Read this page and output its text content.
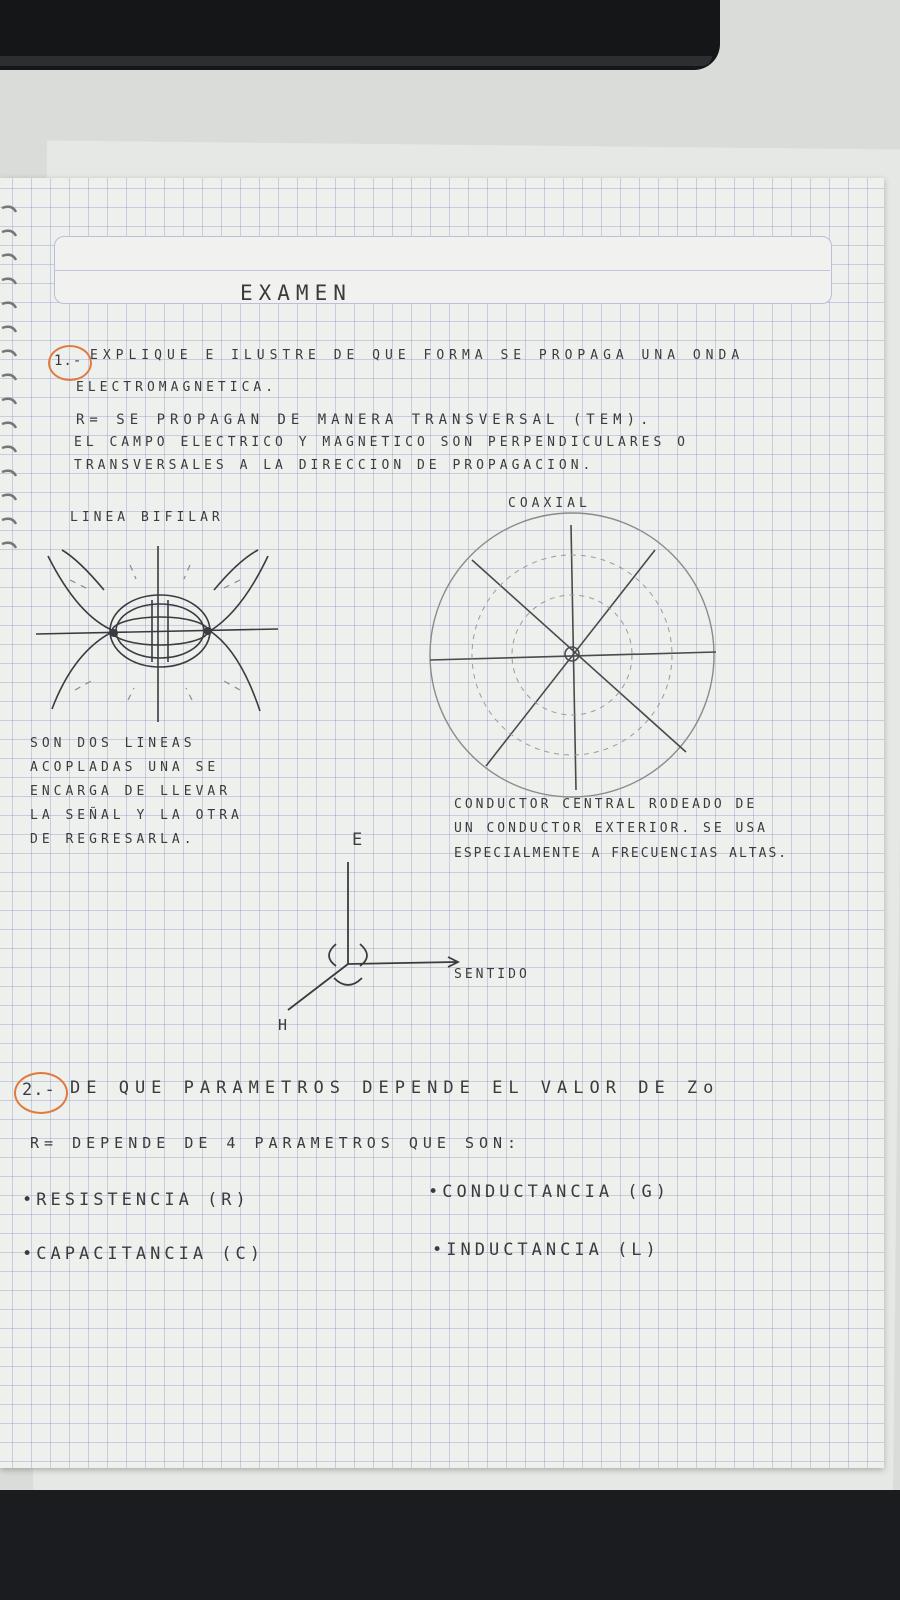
EXAMEN
1.- EXPLIQUE E ILUSTRE DE QUE FORMA SE PROPAGA UNA ONDA
ELECTROMAGNETICA.
R= SE PROPAGAN DE MANERA TRANSVERSAL (TEM).
EL CAMPO ELECTRICO Y MAGNETICO SON PERPENDICULARES O
TRANSVERSALES A LA DIRECCION DE PROPAGACION.
LINEA BIFILAR
COAXIAL
SON DOS LINEAS
ACOPLADAS UNA SE
ENCARGA DE LLEVAR
LA SEÑAL Y LA OTRA
DE REGRESARLA.
CONDUCTOR CENTRAL RODEADO DE
UN CONDUCTOR EXTERIOR. SE USA
ESPECIALMENTE A FRECUENCIAS ALTAS.
E
SENTIDO
H
2.- DE QUE PARAMETROS DEPENDE EL VALOR DE Zo
R= DEPENDE DE 4 PARAMETROS QUE SON:
•RESISTENCIA (R)	•CONDUCTANCIA (G)
•CAPACITANCIA (C)	•INDUCTANCIA (L)
